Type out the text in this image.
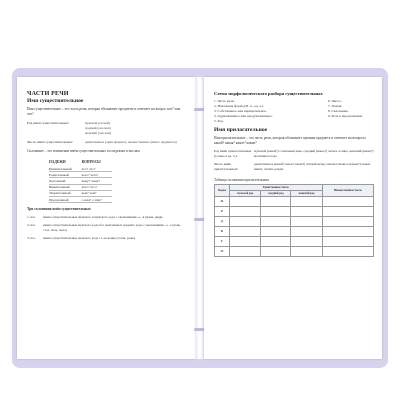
ЧАСТИ РЕЧИ

Имя существительное

Имя существительное – это часть речи, которая обозначает предметы и отвечает на вопрос кто? или что?

Род имён существительных:	мужской (он мой)
средний (оно моё)
женский (она моя)
Число имён существительных:	единственное (один предмет), множественное (много предметов)

Склонение – это изменение имён существительных по падежам и числам.

ПАДЕЖИ	ВОПРОСЫ
Именительный	кто? что?
Родительный	кого? чего?
Дательный	кому? чему?
Винительный	кого? что?
Творительный	кем? чем?
Предложный	о ком? о чём?

Три склонения имён существительных

1 скл.	имена существительные женского и мужского рода с окончаниями -а, -я (мама, дядя).
2 скл.	имена существительные мужского рода без окончания и среднего рода с окончаниями -о, -е (конь, стол, поле, окно).
3 скл.	имена существительные женского рода с ь на конце (степь, рожь).

Схема морфологического разбора существительных

1. Часть речи.	6. Число.
2. Начальная форма (И. п., ед. ч.).	7. Падеж.
3. Собственное или нарицательное.	8. Склонение.
4. Одушевлённое или неодушевлённое.	9. Роль в предложении.
5. Род.

Имя прилагательное

Имя прилагательное – это часть речи, которая обозначает признак предмета и отвечает на вопросы какой? какая? какое? какие?

Род имён прилагательных (только в ед. ч.):
мужской (какой?) солнечный день, средний (какое?) летнее солнце, женский (какая?) весенняя погода
Число имён прилагательных:
единственное (какой? какое? какая?) тёплый вечер; множественное (какие?) новые книги, летние дожди

Таблица склонения прилагательных

Падеж	Единственное число			Множественное число
	мужской род	средний род	женский род	
И.				
Р.				
Д.				
В.				
Т.				
П.				
